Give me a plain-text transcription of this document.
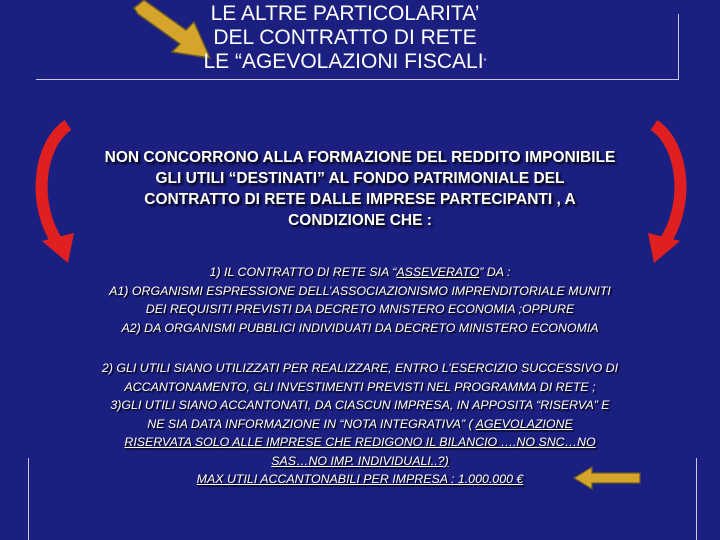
LE ALTRE PARTICOLARITA’
DEL CONTRATTO DI RETE
LE “AGEVOLAZIONI FISCALI”
NON CONCORRONO ALLA FORMAZIONE DEL REDDITO IMPONIBILE
GLI UTILI “DESTINATI” AL FONDO PATRIMONIALE DEL
CONTRATTO DI RETE DALLE IMPRESE PARTECIPANTI , A
CONDIZIONE CHE :
1) IL CONTRATTO DI RETE SIA “ASSEVERATO” DA :
A1) ORGANISMI ESPRESSIONE DELL’ASSOCIAZIONISMO IMPRENDITORIALE MUNITI
DEI REQUISITI PREVISTI DA DECRETO MNISTERO ECONOMIA ;OPPURE
A2) DA ORGANISMI PUBBLICI INDIVIDUATI DA DECRETO MINISTERO ECONOMIA
2) GLI UTILI SIANO UTILIZZATI PER REALIZZARE, ENTRO L’ESERCIZIO SUCCESSIVO DI
ACCANTONAMENTO, GLI INVESTIMENTI PREVISTI NEL PROGRAMMA DI RETE ;
3)GLI UTILI SIANO ACCANTONATI, DA CIASCUN IMPRESA, IN APPOSITA “RISERVA” E
NE SIA DATA INFORMAZIONE IN “NOTA INTEGRATIVA” ( AGEVOLAZIONE
RISERVATA SOLO ALLE IMPRESE CHE REDIGONO IL BILANCIO ….NO SNC…NO
SAS…NO IMP. INDIVIDUALI..?)
MAX UTILI ACCANTONABILI PER IMPRESA : 1.000.000 €
